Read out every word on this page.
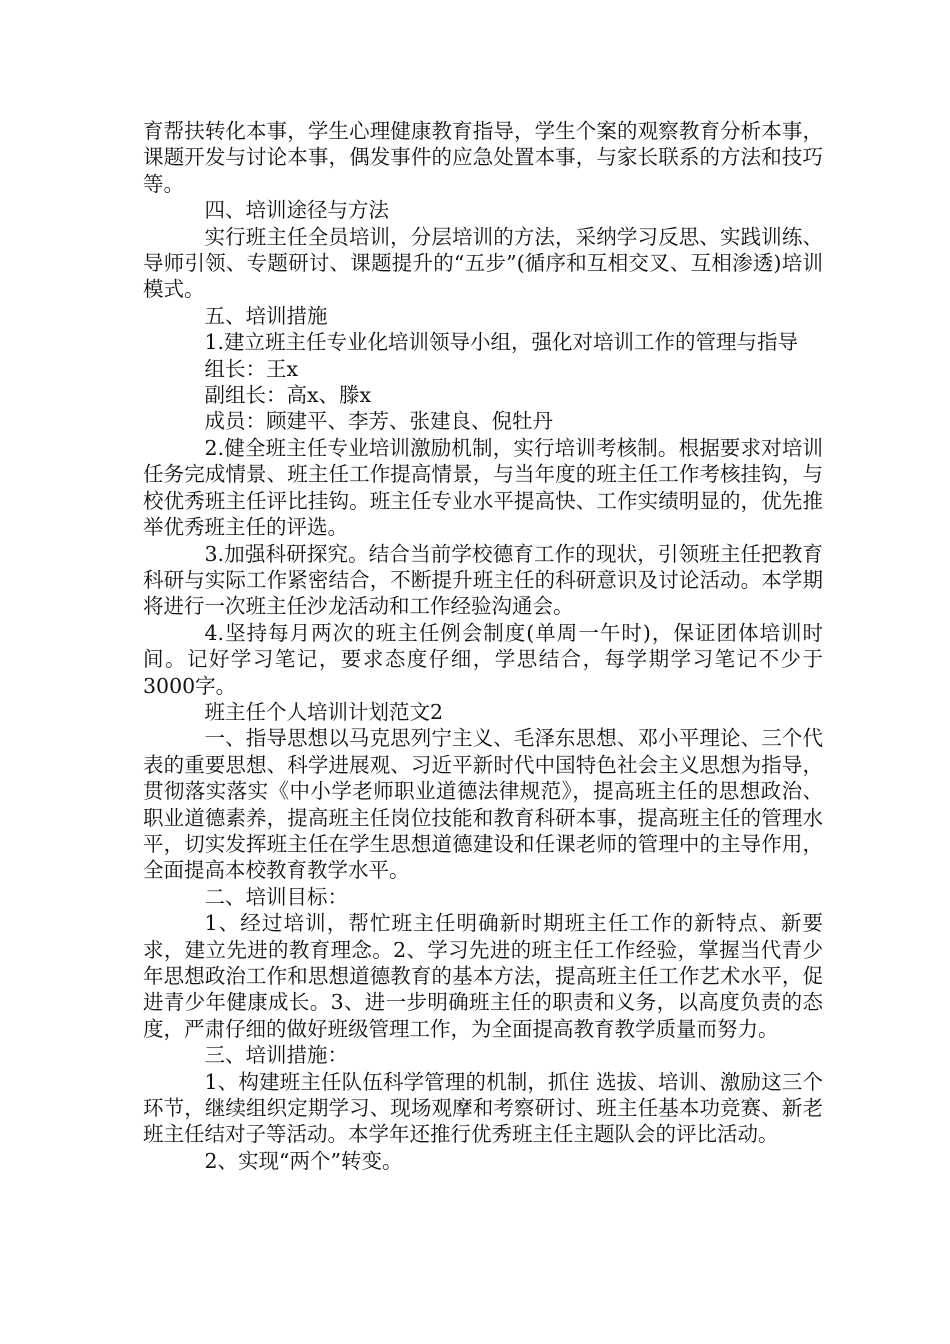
育帮扶转化本事，学生心理健康教育指导，学生个案的观察教育分析本事，课题开发与讨论本事，偶发事件的应急处置本事，与家长联系的方法和技巧等。

四、培训途径与方法

实行班主任全员培训，分层培训的方法，采纳学习反思、实践训练、导师引领、专题研讨、课题提升的“五步”(循序和互相交叉、互相渗透)培训模式。

五、培训措施

1.建立班主任专业化培训领导小组，强化对培训工作的管理与指导

组长：王x

副组长：高x、滕x

成员：顾建平、李芳、张建良、倪牡丹

2.健全班主任专业培训激励机制，实行培训考核制。根据要求对培训任务完成情景、班主任工作提高情景，与当年度的班主任工作考核挂钩，与校优秀班主任评比挂钩。班主任专业水平提高快、工作实绩明显的，优先推举优秀班主任的评选。

3.加强科研探究。结合当前学校德育工作的现状，引领班主任把教育科研与实际工作紧密结合，不断提升班主任的科研意识及讨论活动。本学期将进行一次班主任沙龙活动和工作经验沟通会。

4.坚持每月两次的班主任例会制度(单周一午时)，保证团体培训时间。记好学习笔记，要求态度仔细，学思结合，每学期学习笔记不少于3000字。

班主任个人培训计划范文2

一、指导思想以马克思列宁主义、毛泽东思想、邓小平理论、三个代表的重要思想、科学进展观、习近平新时代中国特色社会主义思想为指导，贯彻落实落实《中小学老师职业道德法律规范》，提高班主任的思想政治、职业道德素养，提高班主任岗位技能和教育科研本事，提高班主任的管理水平，切实发挥班主任在学生思想道德建设和任课老师的管理中的主导作用，全面提高本校教育教学水平。

二、培训目标：

1、经过培训，帮忙班主任明确新时期班主任工作的新特点、新要求，建立先进的教育理念。2、学习先进的班主任工作经验，掌握当代青少年思想政治工作和思想道德教育的基本方法，提高班主任工作艺术水平，促进青少年健康成长。3、进一步明确班主任的职责和义务，以高度负责的态度，严肃仔细的做好班级管理工作，为全面提高教育教学质量而努力。

三、培训措施：

1、构建班主任队伍科学管理的机制，抓住 选拔、培训、激励这三个环节，继续组织定期学习、现场观摩和考察研讨、班主任基本功竞赛、新老班主任结对子等活动。本学年还推行优秀班主任主题队会的评比活动。

2、实现“两个”转变。
